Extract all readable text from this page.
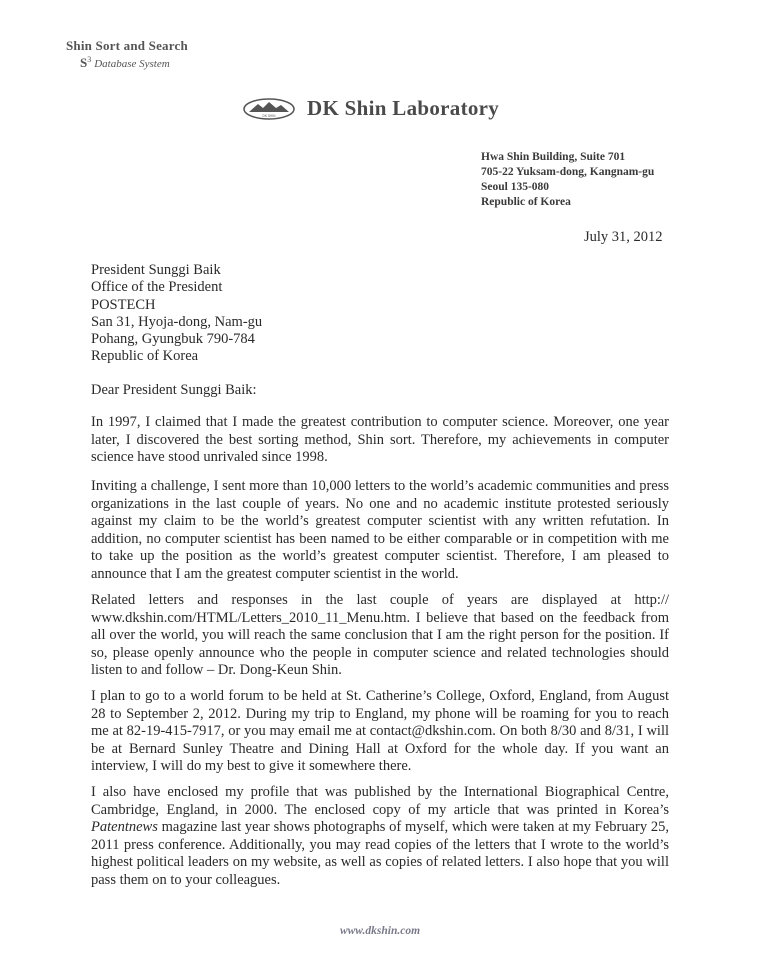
Shin Sort and Search
$S^3$ Database System
DK SHIN DK Shin Laboratory
Hwa Shin Building, Suite 701
705-22 Yuksam-dong, Kangnam-gu
Seoul 135-080
Republic of Korea
July 31, 2012
President Sunggi Baik
Office of the President
POSTECH
San 31, Hyoja-dong, Nam-gu
Pohang, Gyungbuk 790-784
Republic of Korea
Dear President Sunggi Baik:

In 1997, I claimed that I made the greatest contribution to computer science. Moreover, one year later, I discovered the best sorting method, Shin sort. Therefore, my achievements in computer science have stood unrivaled since 1998.

Inviting a challenge, I sent more than 10,000 letters to the world’s academic communities and press organizations in the last couple of years. No one and no academic institute protested seriously against my claim to be the world’s greatest computer scientist with any written refutation. In addition, no computer scientist has been named to be either comparable or in competition with me to take up the position as the world’s greatest computer scientist. Therefore, I am pleased to announce that I am the greatest computer scientist in the world.

Related letters and responses in the last couple of years are displayed at http:// www.dkshin.com/HTML/Letters_2010_11_Menu.htm. I believe that based on the feedback from all over the world, you will reach the same conclusion that I am the right person for the position. If so, please openly announce who the people in computer science and related technologies should listen to and follow – Dr. Dong-Keun Shin.

I plan to go to a world forum to be held at St. Catherine’s College, Oxford, England, from August 28 to September 2, 2012. During my trip to England, my phone will be roaming for you to reach me at 82-19-415-7917, or you may email me at contact@dkshin.com. On both 8/30 and 8/31, I will be at Bernard Sunley Theatre and Dining Hall at Oxford for the whole day. If you want an interview, I will do my best to give it somewhere there.

I also have enclosed my profile that was published by the International Biographical Centre, Cambridge, England, in 2000. The enclosed copy of my article that was printed in Korea’s Patentnews magazine last year shows photographs of myself, which were taken at my February 25, 2011 press conference. Additionally, you may read copies of the letters that I wrote to the world’s highest political leaders on my website, as well as copies of related letters. I also hope that you will pass them on to your colleagues.

www.dkshin.com
